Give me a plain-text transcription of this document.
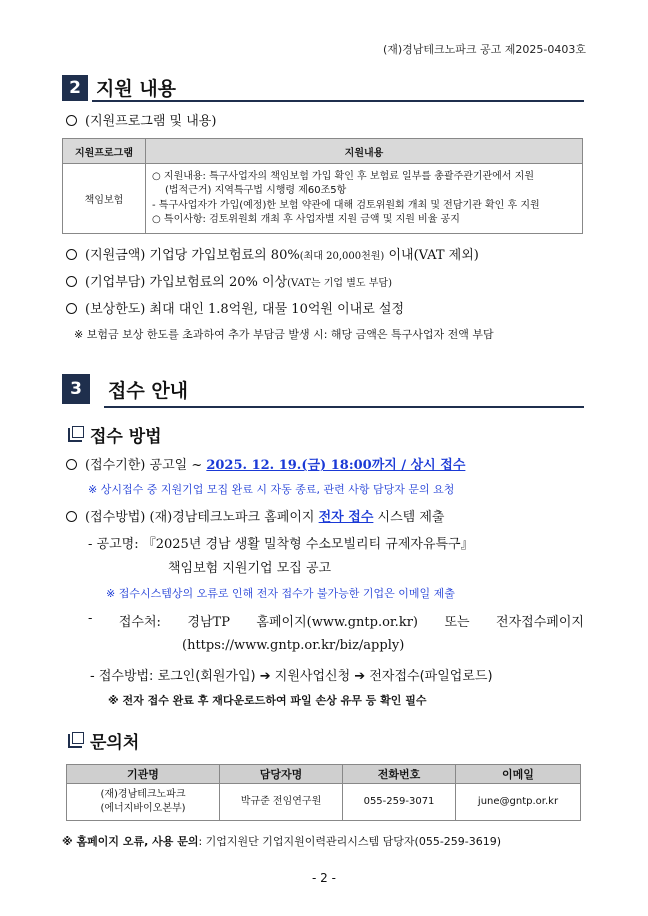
(재)경남테크노파크 공고 제2025-0403호
2 지원 내용
(지원프로그램 및 내용)
지원프로그램	지원내용
책임보험	○ 지원내용: 특구사업자의 책임보험 가입 확인 후 보험료 일부를 총괄주관기관에서 지원
(법적근거) 지역특구법 시행령 제60조5항
- 특구사업자가 가입(예정)한 보험 약관에 대해 검토위원회 개최 및 전담기관 확인 후 지원
○ 특이사항: 검토위원회 개최 후 사업자별 지원 금액 및 지원 비율 공지
(지원금액) 기업당 가입보험료의 80%(최대 20,000천원) 이내(VAT 제외)
(기업부담) 가입보험료의 20% 이상(VAT는 기업 별도 부담)
(보상한도) 최대 대인 1.8억원, 대물 10억원 이내로 설정
※ 보험금 보상 한도를 초과하여 추가 부담금 발생 시: 해당 금액은 특구사업자 전액 부담
3	접수 안내
접수 방법
(접수기한) 공고일 ~ 2025. 12. 19.(금) 18:00까지 / 상시 접수
※ 상시접수 중 지원기업 모집 완료 시 자동 종료, 관련 사항 담당자 문의 요청
(접수방법) (재)경남테크노파크 홈페이지 전자 접수 시스템 제출
- 공고명: 『2025년 경남 생활 밀착형 수소모빌리티 규제자유특구』
책임보험 지원기업 모집 공고
※ 접수시스템상의 오류로 인해 전자 접수가 불가능한 기업은 이메일 제출
- 접수처: 경남TP 홈페이지(www.gntp.or.kr) 또는 전자접수페이지
(https://www.gntp.or.kr/biz/apply)
- 접수방법: 로그인(회원가입) ➔ 지원사업신청 ➔ 전자접수(파일업로드)
※ 전자 접수 완료 후 재다운로드하여 파일 손상 유무 등 확인 필수
문의처
기관명	담당자명	전화번호	이메일

(재)경남테크노파크
(에너지바이오본부)	박규준 전임연구원	055-259-3071	june@gntp.or.kr
※ 홈페이지 오류, 사용 문의: 기업지원단 기업지원이력관리시스템 담당자(055-259-3619)
- 2 -
